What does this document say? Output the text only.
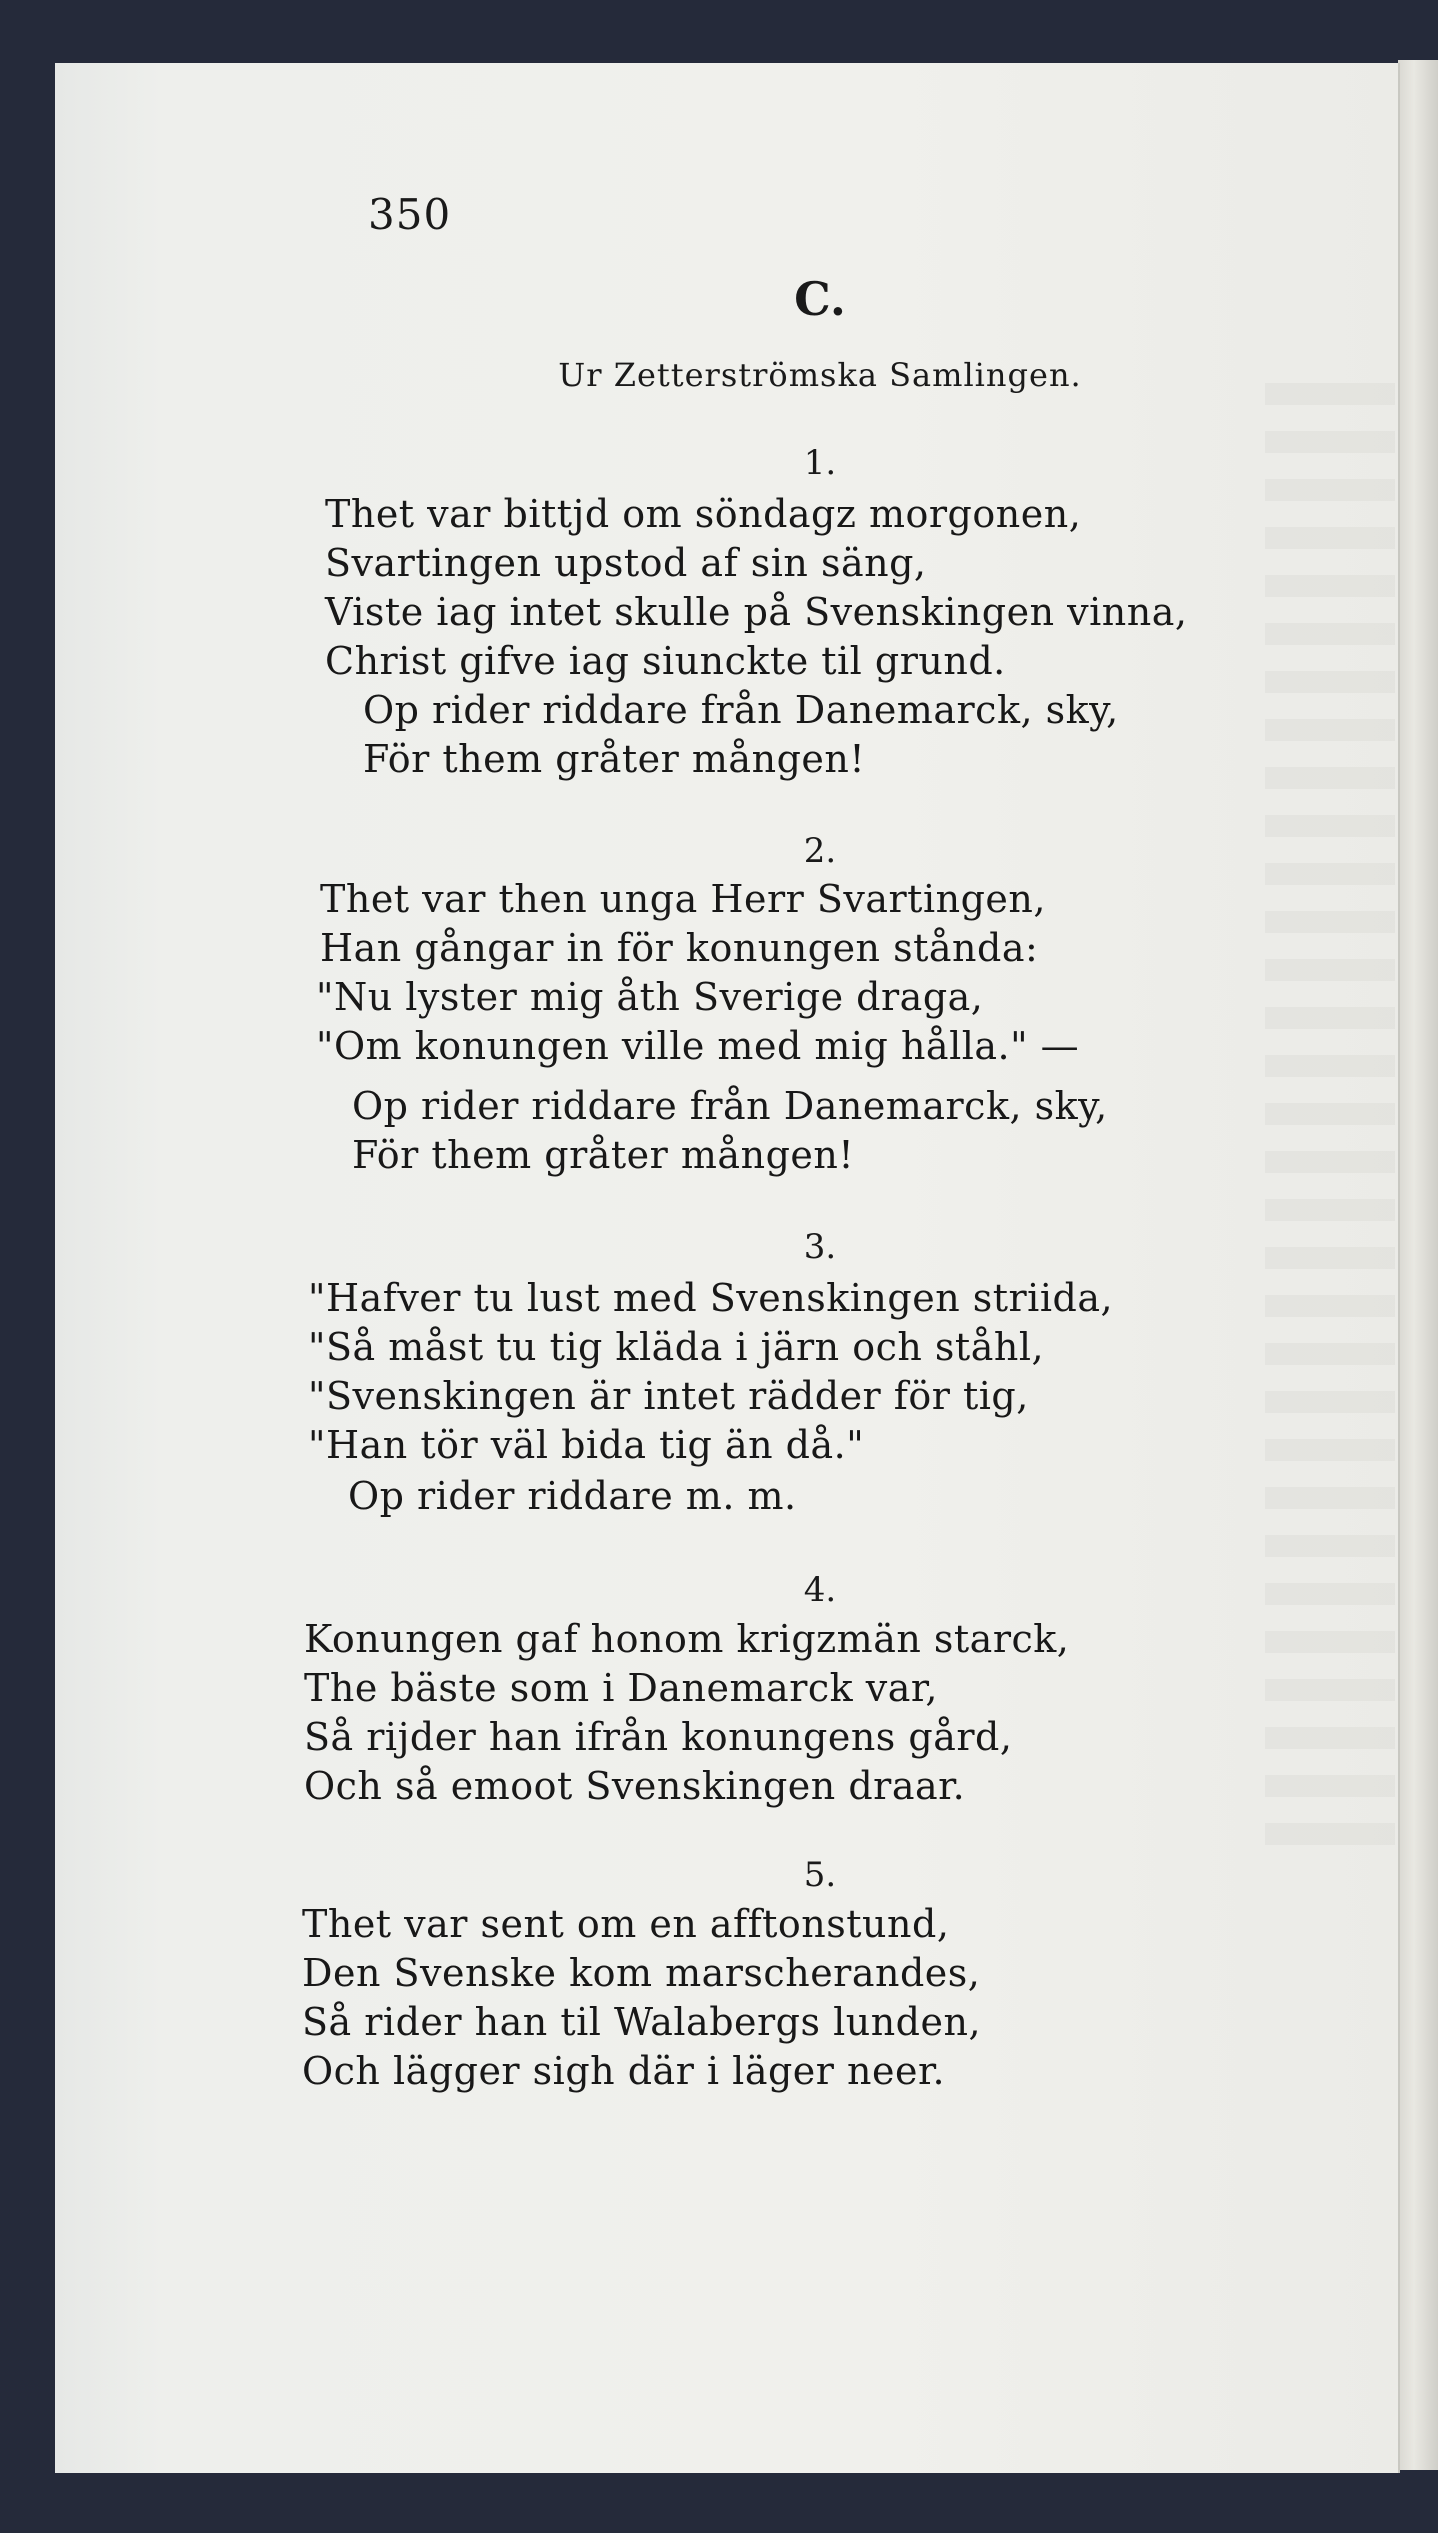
350
C.
Ur Zetterströmska Samlingen.
1.
Thet var bittjd om söndagz morgonen,
Svartingen upstod af sin säng,
Viste iag intet skulle på Svenskingen vinna,
Christ gifve iag siunckte til grund.
Op rider riddare från Danemarck, sky,
För them gråter mången!
2.
Thet var then unga Herr Svartingen,
Han gångar in för konungen stånda:
"Nu lyster mig åth Sverige draga,
"Om konungen ville med mig hålla." —
Op rider riddare från Danemarck, sky,
För them gråter mången!
3.
"Hafver tu lust med Svenskingen striida,
"Så måst tu tig kläda i järn och ståhl,
"Svenskingen är intet rädder för tig,
"Han tör väl bida tig än då."
Op rider riddare m. m.
4.
Konungen gaf honom krigzmän starck,
The bäste som i Danemarck var,
Så rijder han ifrån konungens gård,
Och så emoot Svenskingen draar.
5.
Thet var sent om en afftonstund,
Den Svenske kom marscherandes,
Så rider han til Walabergs lunden,
Och lägger sigh där i läger neer.
